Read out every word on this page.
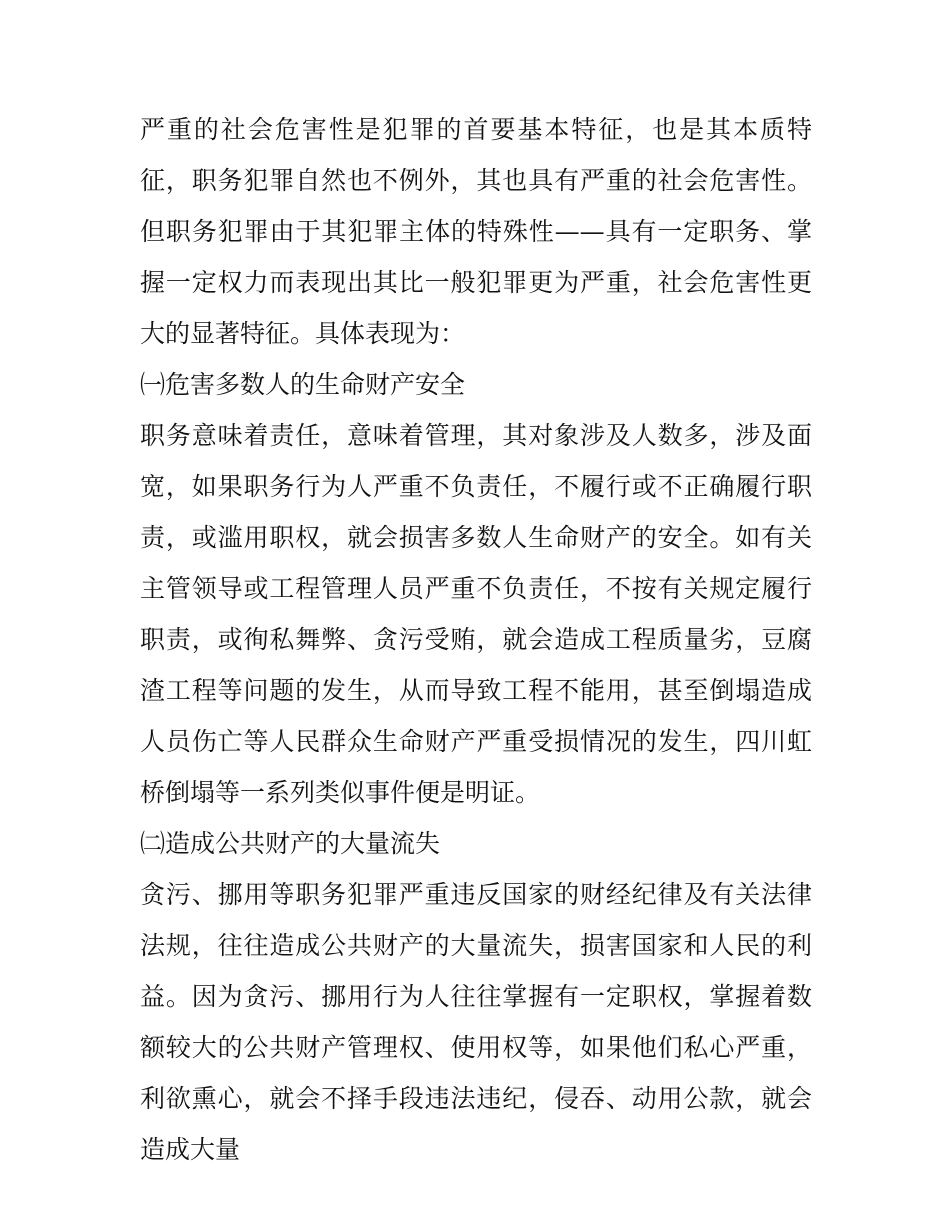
严重的社会危害性是犯罪的首要基本特征，也是其本质特征，职务犯罪自然也不例外，其也具有严重的社会危害性。但职务犯罪由于其犯罪主体的特殊性——具有一定职务、掌握一定权力而表现出其比一般犯罪更为严重，社会危害性更大的显著特征。具体表现为：

㈠危害多数人的生命财产安全

职务意味着责任，意味着管理，其对象涉及人数多，涉及面宽，如果职务行为人严重不负责任，不履行或不正确履行职责，或滥用职权，就会损害多数人生命财产的安全。如有关主管领导或工程管理人员严重不负责任，不按有关规定履行职责，或徇私舞弊、贪污受贿，就会造成工程质量劣，豆腐渣工程等问题的发生，从而导致工程不能用，甚至倒塌造成人员伤亡等人民群众生命财产严重受损情况的发生，四川虹桥倒塌等一系列类似事件便是明证。

㈡造成公共财产的大量流失

贪污、挪用等职务犯罪严重违反国家的财经纪律及有关法律法规，往往造成公共财产的大量流失，损害国家和人民的利益。因为贪污、挪用行为人往往掌握有一定职权，掌握着数额较大的公共财产管理权、使用权等，如果他们私心严重，利欲熏心，就会不择手段违法违纪，侵吞、动用公款，就会造成大量
